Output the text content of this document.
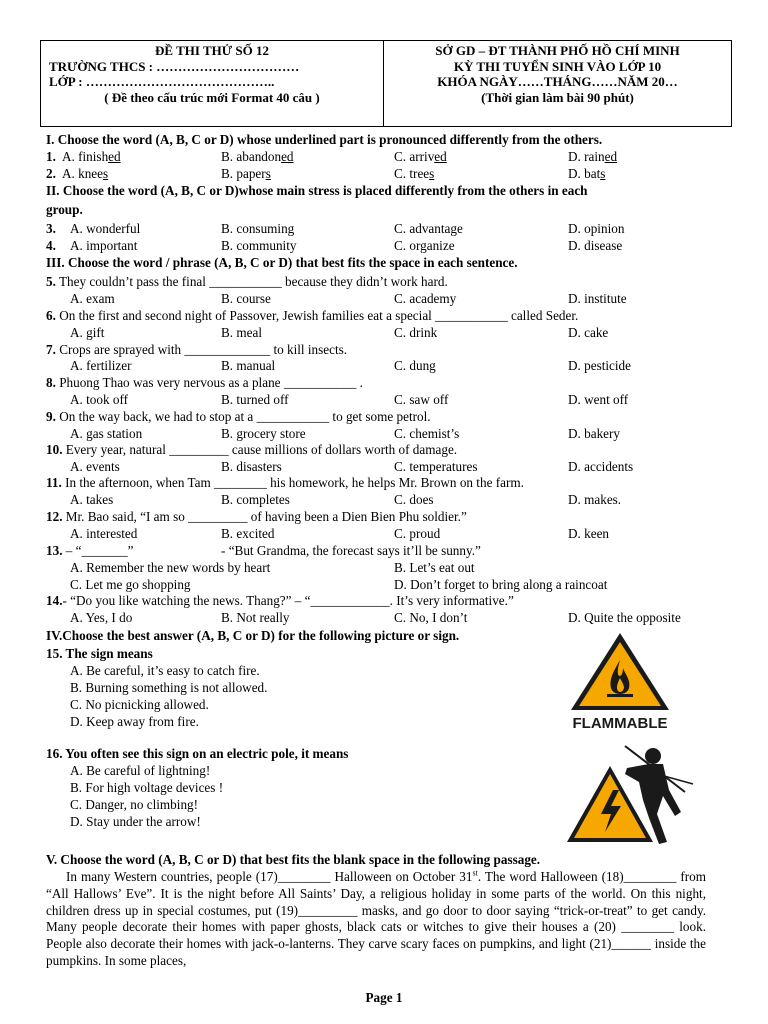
ĐỀ THI THỬ SỐ 12
TRƯỜNG THCS : ……………………………
LỚP : ……………………………………..
( Đề theo cấu trúc mới Format 40 câu )
SỞ GD – ĐT THÀNH PHỐ HỒ CHÍ MINH
KỲ THI TUYỂN SINH VÀO LỚP 10
KHÓA NGÀY……THÁNG……NĂM 20…
(Thời gian làm bài 90 phút)
I. Choose the word (A, B, C or D) whose underlined part is pronounced differently from the others.
1. A. finished	B. abandoned	C. arrived	D. rained
2. A. knees	B. papers	C. trees	D. bats
II. Choose the word (A, B, C or D)whose main stress is placed differently from the others in each
group.
3. A. wonderful	B. consuming	C. advantage	D. opinion
4. A. important	B. community	C. organize	D. disease
III. Choose the word / phrase (A, B, C or D) that best fits the space in each sentence.
5. They couldn’t pass the final ___________ because they didn’t work hard.
A. exam	B. course	C. academy	D. institute
6. On the first and second night of Passover, Jewish families eat a special ___________ called Seder.
A. gift	B. meal	C. drink	D. cake
7. Crops are sprayed with _____________ to kill insects.
A. fertilizer	B. manual	C. dung	D. pesticide
8. Phuong Thao was very nervous as a plane ___________ .
A. took off	B. turned off	C. saw off	D. went off
9. On the way back, we had to stop at a ___________ to get some petrol.
A. gas station	B. grocery store	C. chemist’s	D. bakery
10. Every year, natural _________ cause millions of dollars worth of damage.
A. events	B. disasters	C. temperatures	D. accidents
11. In the afternoon, when Tam ________ his homework, he helps Mr. Brown on the farm.
A. takes	B. completes	C. does	D. makes.
12. Mr. Bao said, “I am so _________ of having been a Dien Bien Phu soldier.”
A. interested	B. excited	C. proud	D. keen
13. – “_______”	- “But Grandma, the forecast says it’ll be sunny.”
A. Remember the new words by heart	B. Let’s eat out
C. Let me go shopping	D. Don’t forget to bring along a raincoat
14.- “Do you like watching the news. Thang?” – “____________. It’s very informative.”
A. Yes, I do	B. Not really	C. No, I don’t	D. Quite the opposite
IV.Choose the best answer (A, B, C or D) for the following picture or sign.
15. The sign means
A. Be careful, it’s easy to catch fire.
B. Burning something is not allowed.
C. No picnicking allowed.
D. Keep away from fire.	FLAMMABLE
16. You often see this sign on an electric pole, it means
A. Be careful of lightning!
B. For high voltage devices !
C. Danger, no climbing!
D. Stay under the arrow!
V. Choose the word (A, B, C or D) that best fits the blank space in the following passage.
In many Western countries, people (17)________ Halloween on October 31st. The word Halloween (18)________ from “All Hallows’ Eve”. It is the night before All Saints’ Day, a religious holiday in some parts of the world. On this night, children dress up in special costumes, put (19)_________ masks, and go door to door saying “trick-or-treat” to get candy. Many people decorate their homes with paper ghosts, black cats or witches to give their houses a (20) ________ look. People also decorate their homes with jack-o-lanterns. They carve scary faces on pumpkins, and light (21)______ inside the pumpkins. In some places,
Page 1
